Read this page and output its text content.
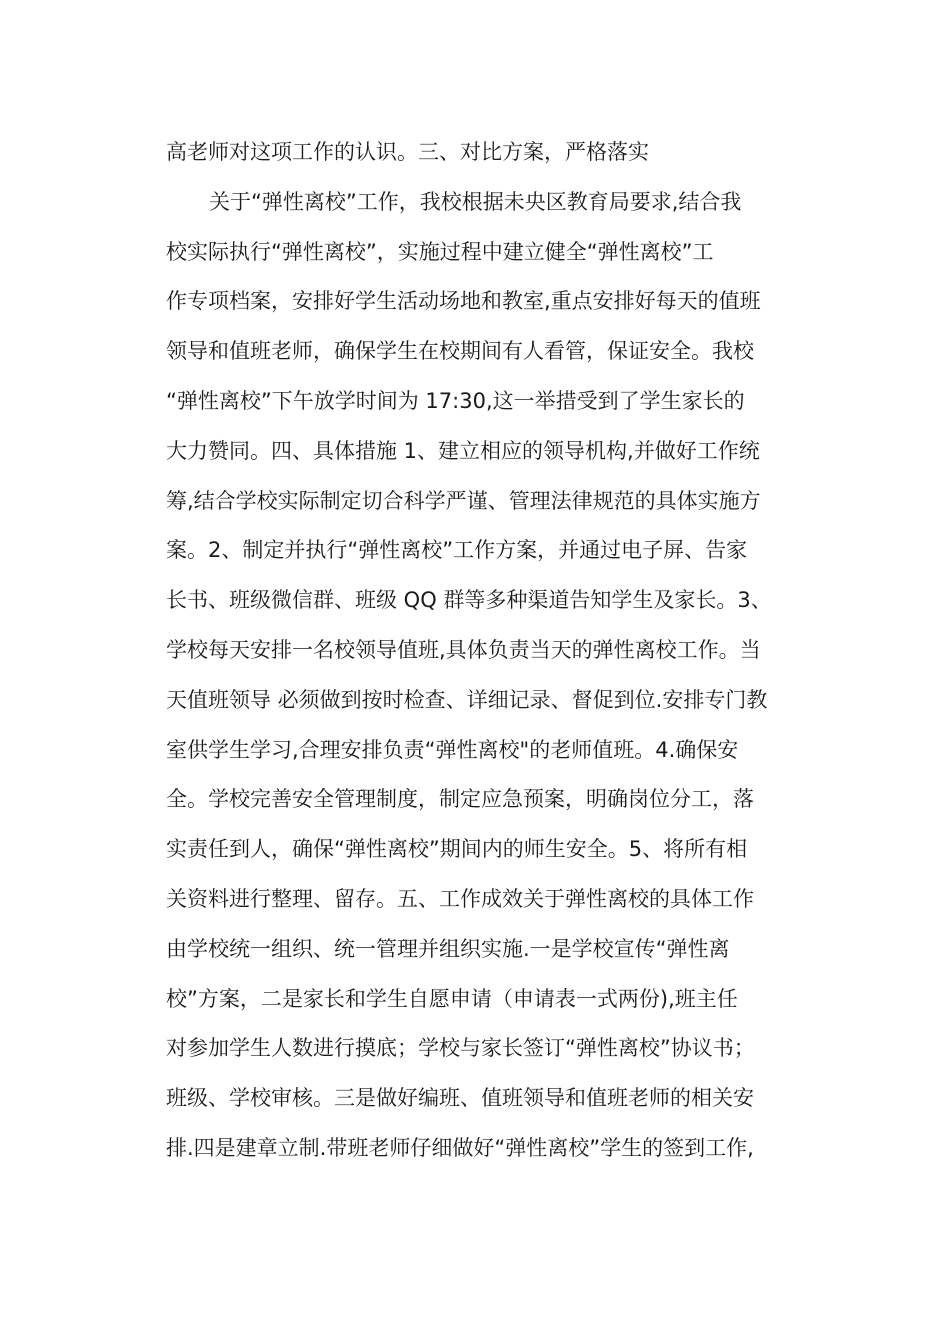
高老师对这项工作的认识。三、对比方案，严格落实
关于“弹性离校”工作，我校根据未央区教育局要求,结合我
校实际执行“弹性离校”，实施过程中建立健全“弹性离校”工
作专项档案，安排好学生活动场地和教室,重点安排好每天的值班
领导和值班老师，确保学生在校期间有人看管，保证安全。我校
“弹性离校”下午放学时间为 17:30,这一举措受到了学生家长的
大力赞同。四、具体措施 1、建立相应的领导机构,并做好工作统
筹,结合学校实际制定切合科学严谨、管理法律规范的具体实施方
案。2、制定并执行“弹性离校”工作方案，并通过电子屏、告家
长书、班级微信群、班级 QQ 群等多种渠道告知学生及家长。3、
学校每天安排一名校领导值班,具体负责当天的弹性离校工作。当
天值班领导 必须做到按时检查、详细记录、督促到位.安排专门教
室供学生学习,合理安排负责“弹性离校"的老师值班。4.确保安
全。学校完善安全管理制度，制定应急预案，明确岗位分工，落
实责任到人，确保“弹性离校”期间内的师生安全。5、将所有相
关资料进行整理、留存。五、工作成效关于弹性离校的具体工作
由学校统一组织、统一管理并组织实施.一是学校宣传“弹性离
校”方案，二是家长和学生自愿申请（申请表一式两份),班主任
对参加学生人数进行摸底；学校与家长签订“弹性离校”协议书；
班级、学校审核。三是做好编班、值班领导和值班老师的相关安
排.四是建章立制.带班老师仔细做好“弹性离校”学生的签到工作,
